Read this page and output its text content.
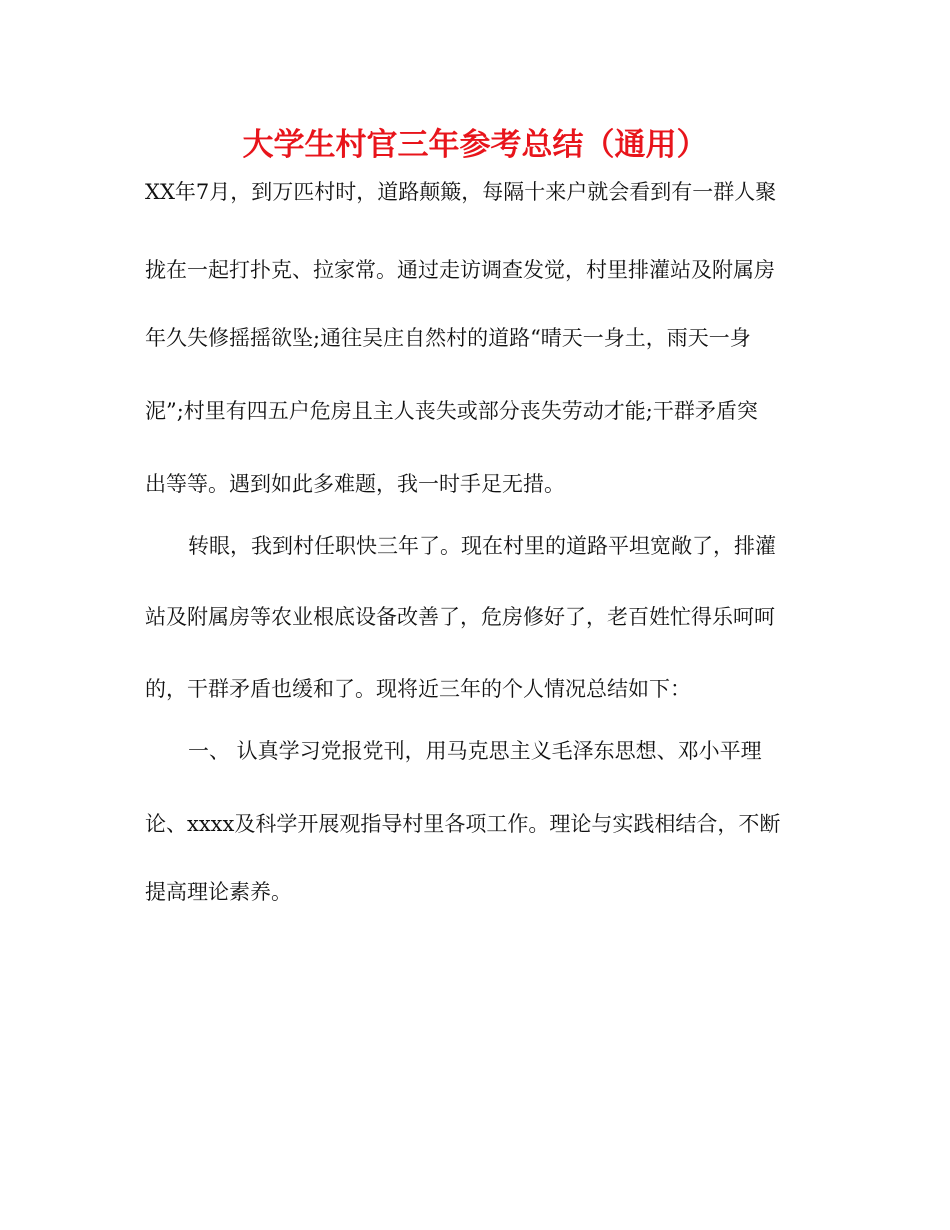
大学生村官三年参考总结（通用）
XX年7月，到万匹村时，道路颠簸，每隔十来户就会看到有一群人聚
拢在一起打扑克、拉家常。通过走访调查发觉，村里排灌站及附属房
年久失修摇摇欲坠;通往吴庄自然村的道路“晴天一身土，雨天一身
泥”;村里有四五户危房且主人丧失或部分丧失劳动才能;干群矛盾突
出等等。遇到如此多难题，我一时手足无措。
转眼，我到村任职快三年了。现在村里的道路平坦宽敞了，排灌
站及附属房等农业根底设备改善了，危房修好了，老百姓忙得乐呵呵
的，干群矛盾也缓和了。现将近三年的个人情况总结如下：
一、 认真学习党报党刊，用马克思主义毛泽东思想、邓小平理
论、xxxx及科学开展观指导村里各项工作。理论与实践相结合，不断
提高理论素养。
